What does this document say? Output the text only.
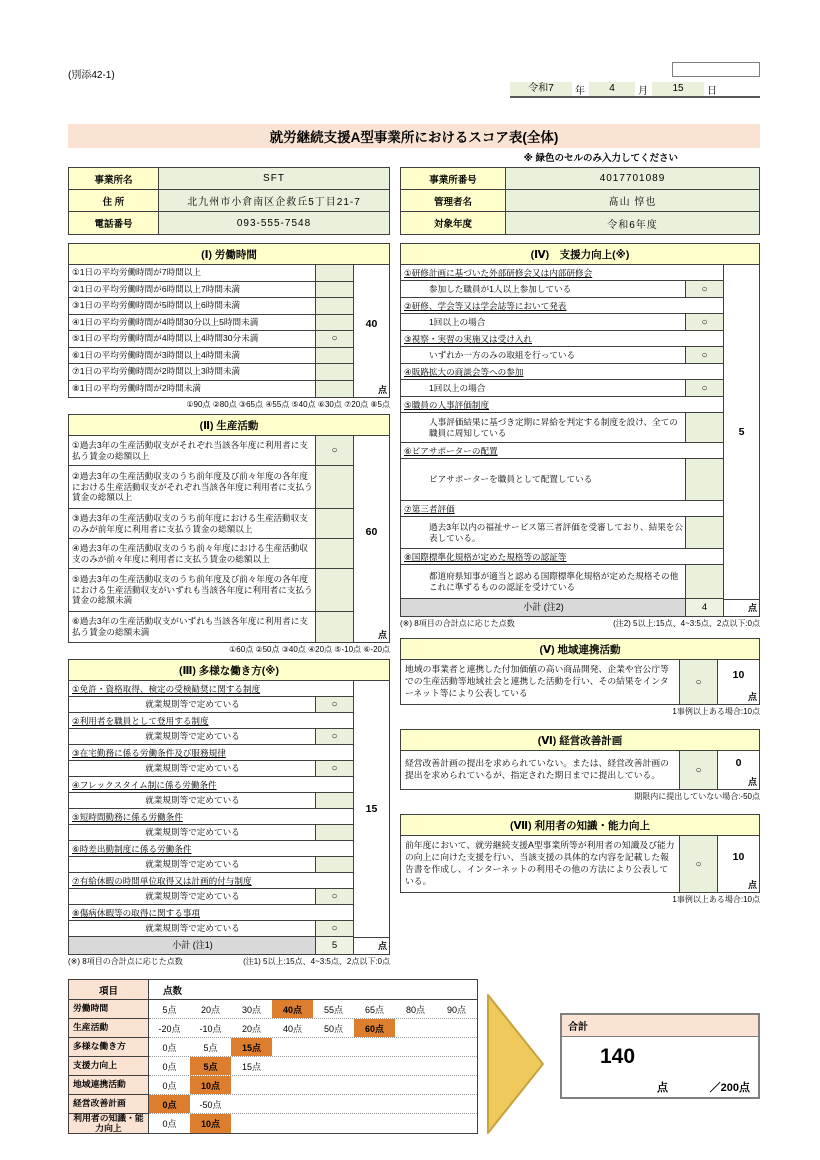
(別添42-1)
令和7	年	4	月	15	日
就労継続支援A型事業所におけるスコア表(全体)
※ 緑色のセルのみ入力してください
事業所名	SFT
住 所	北九州市小倉南区企救丘5丁目21-7
電話番号	093-555-7548
事業所番号	4017701089
管理者名	髙山 惇也
対象年度	令和6年度
(Ⅰ) 労働時間
①1日の平均労働時間が7時間以上
②1日の平均労働時間が6時間以上7時間未満
③1日の平均労働時間が5時間以上6時間未満
④1日の平均労働時間が4時間30分以上5時間未満
⑤1日の平均労働時間が4時間以上4時間30分未満	○
⑥1日の平均労働時間が3時間以上4時間未満
⑦1日の平均労働時間が2時間以上3時間未満
⑧1日の平均労働時間が2時間未満
40
点
①90点 ②80点 ③65点 ④55点 ⑤40点 ⑥30点 ⑦20点 ⑧5点
(Ⅱ) 生産活動
①過去3年の生産活動収支がそれぞれ当該各年度に利用者に支払う賃金の総額以上	○
②過去3年の生産活動収支のうち前年度及び前々年度の各年度における生産活動収支がそれぞれ当該各年度に利用者に支払う賃金の総額以上
③過去3年の生産活動収支のうち前年度における生産活動収支のみが前年度に利用者に支払う賃金の総額以上
④過去3年の生産活動収支のうち前々年度における生産活動収支のみが前々年度に利用者に支払う賃金の総額以上
⑤過去3年の生産活動収支のうち前年度及び前々年度の各年度における生産活動収支がいずれも当該各年度に利用者に支払う賃金の総額未満
⑥過去3年の生産活動収支がいずれも当該各年度に利用者に支払う賃金の総額未満
60
点
①60点 ②50点 ③40点 ④20点 ⑤-10点 ⑥-20点
(Ⅲ) 多様な働き方(※)
①免許・資格取得、検定の受検勧奨に関する制度
就業規則等で定めている	○
②利用者を職員として登用する制度
就業規則等で定めている	○
③在宅勤務に係る労働条件及び服務規律
就業規則等で定めている	○
④フレックスタイム制に係る労働条件
就業規則等で定めている
⑤短時間勤務に係る労働条件
就業規則等で定めている
⑥時差出勤制度に係る労働条件
就業規則等で定めている
⑦有給休暇の時間単位取得又は計画的付与制度
就業規則等で定めている	○
⑧傷病休暇等の取得に関する事項
就業規則等で定めている	○
小計 (注1)	5
15
点
(※) 8項目の合計点に応じた点数	(注1) 5以上:15点、4~3:5点、2点以下:0点
(Ⅳ)　支援力向上(※)
①研修計画に基づいた外部研修会又は内部研修会
参加した職員が1人以上参加している	○
②研修、学会等又は学会誌等において発表
1回以上の場合	○
③視察・実習の実施又は受け入れ
いずれか一方のみの取組を行っている	○
④販路拡大の商談会等への参加
1回以上の場合	○
⑤職員の人事評価制度
人事評価結果に基づき定期に昇給を判定する制度を設け、全ての職員に周知している
⑥ピアサポーターの配置
ピアサポーターを職員として配置している
⑦第三者評価
過去3年以内の福祉サービス第三者評価を受審しており、結果を公表している。
⑧国際標準化規格が定めた規格等の認証等
都道府県知事が適当と認める国際標準化規格が定めた規格その他これに準ずるものの認証を受けている
小計 (注2)	4
5
点
(※) 8項目の合計点に応じた点数	(注2) 5以上:15点、4~3:5点、2点以下:0点
(Ⅴ) 地域連携活動
地域の事業者と連携した付加価値の高い商品開発、企業や官公庁等での生産活動等地域社会と連携した活動を行い、その結果をインターネット等により公表している
○
10
点
1事例以上ある場合:10点
(Ⅵ) 経営改善計画
経営改善計画の提出を求められていない。または、経営改善計画の提出を求められているが、指定された期日までに提出している。	○
0
点
期限内に提出していない場合:-50点
(Ⅶ) 利用者の知識・能力向上
前年度において、就労継続支援A型事業所等が利用者の知識及び能力の向上に向けた支援を行い、当該支援の具体的な内容を記載した報告書を作成し、インターネットの利用その他の方法により公表している。
○
10
点
1事例以上ある場合:10点
項目	点数
労働時間	5点	20点	30点	40点	55点	65点	80点	90点
生産活動	-20点	-10点	20点	40点	50点	60点
多様な働き方	0点	5点	15点
支援力向上	0点	5点	15点
地域連携活動	0点	10点
経営改善計画	0点	-50点
利用者の知識・能力向上	0点	10点
合計
140
点	／200点
